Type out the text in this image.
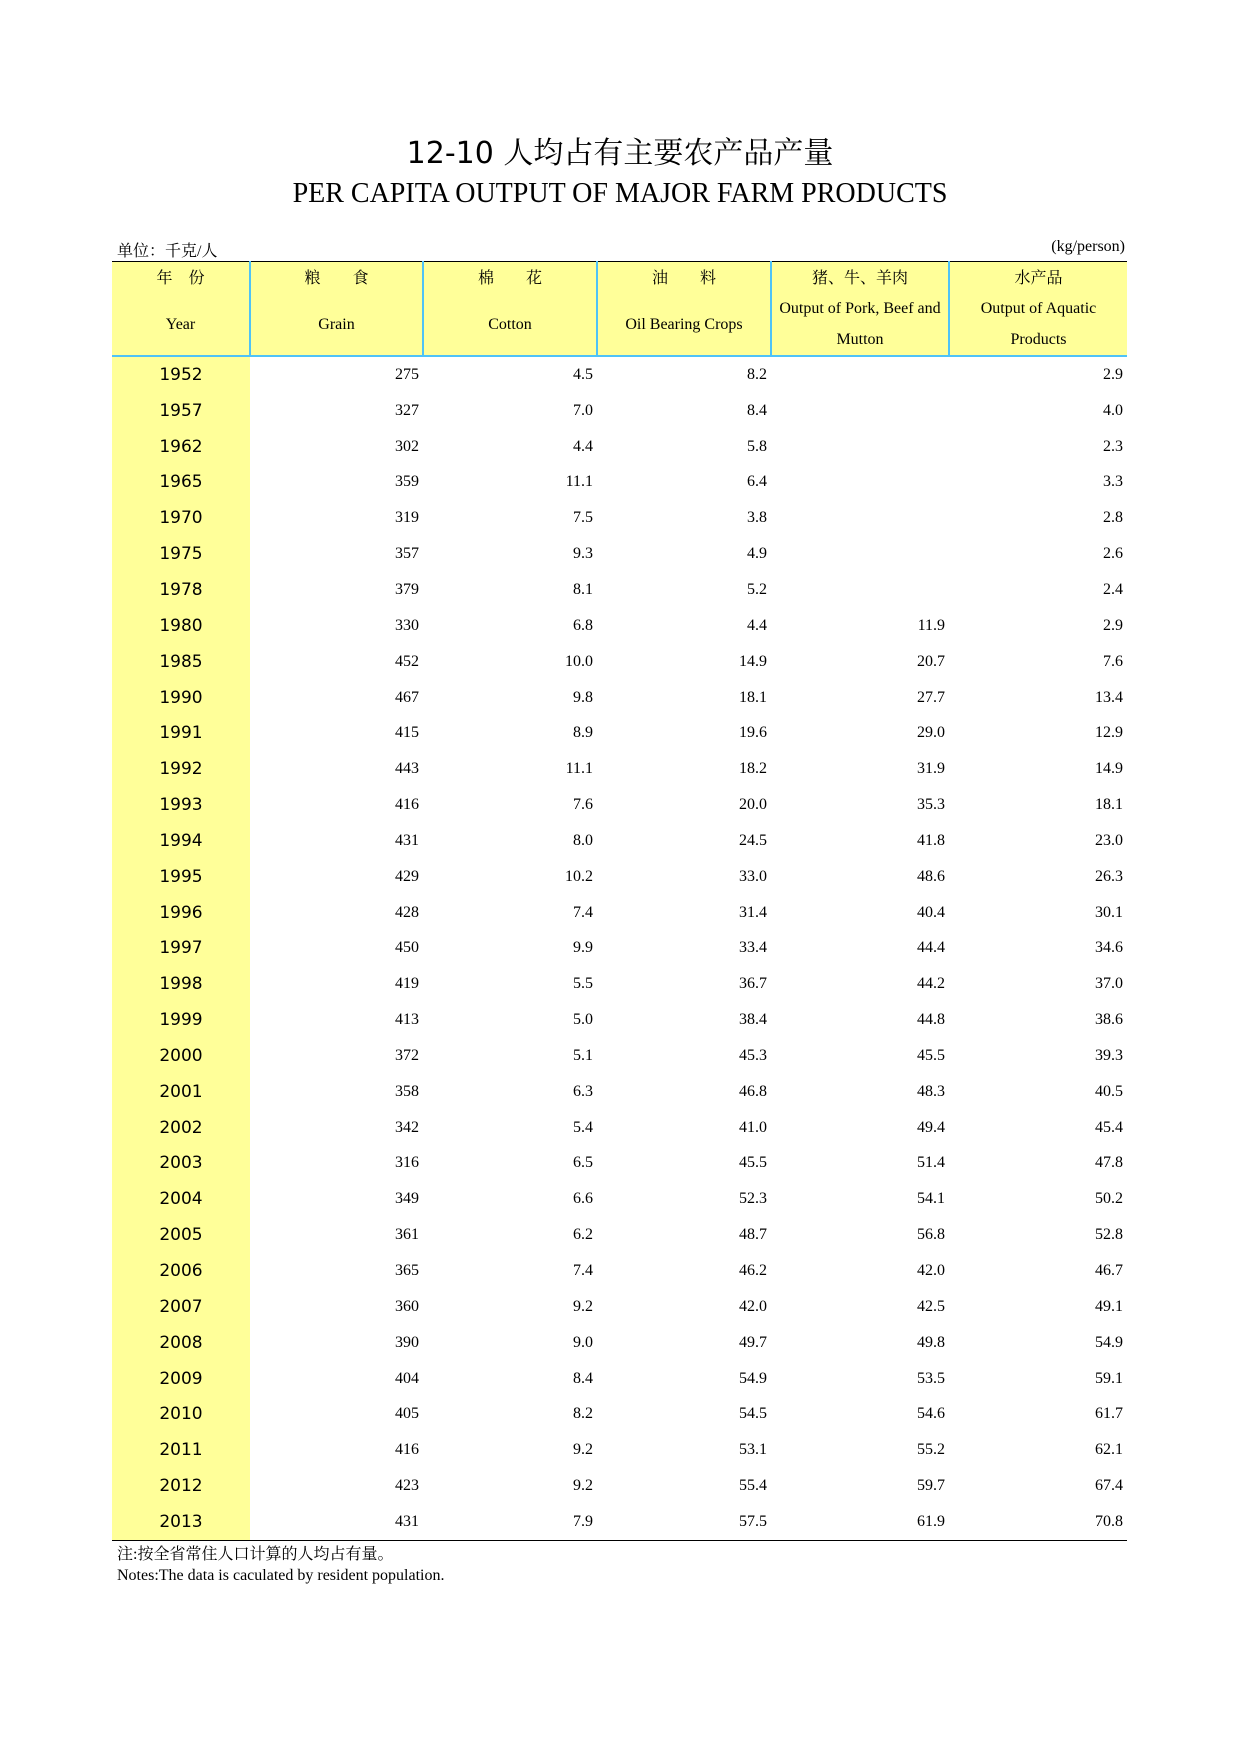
12-10 人均占有主要农产品产量
PER CAPITA OUTPUT OF MAJOR FARM PRODUCTS
单位：千克/人	(kg/person)
年　份	粮　　食	棉　　花	油　　料	猪、牛、羊肉	水产品
Year	Grain	Cotton	Oil Bearing Crops	Output of Pork, Beef and Mutton	Output of Aquatic Products
1952	275	4.5	8.2		2.9
1957	327	7.0	8.4		4.0
1962	302	4.4	5.8		2.3
1965	359	11.1	6.4		3.3
1970	319	7.5	3.8		2.8
1975	357	9.3	4.9		2.6
1978	379	8.1	5.2		2.4
1980	330	6.8	4.4	11.9	2.9
1985	452	10.0	14.9	20.7	7.6
1990	467	9.8	18.1	27.7	13.4
1991	415	8.9	19.6	29.0	12.9
1992	443	11.1	18.2	31.9	14.9
1993	416	7.6	20.0	35.3	18.1
1994	431	8.0	24.5	41.8	23.0
1995	429	10.2	33.0	48.6	26.3
1996	428	7.4	31.4	40.4	30.1
1997	450	9.9	33.4	44.4	34.6
1998	419	5.5	36.7	44.2	37.0
1999	413	5.0	38.4	44.8	38.6
2000	372	5.1	45.3	45.5	39.3
2001	358	6.3	46.8	48.3	40.5
2002	342	5.4	41.0	49.4	45.4
2003	316	6.5	45.5	51.4	47.8
2004	349	6.6	52.3	54.1	50.2
2005	361	6.2	48.7	56.8	52.8
2006	365	7.4	46.2	42.0	46.7
2007	360	9.2	42.0	42.5	49.1
2008	390	9.0	49.7	49.8	54.9
2009	404	8.4	54.9	53.5	59.1
2010	405	8.2	54.5	54.6	61.7
2011	416	9.2	53.1	55.2	62.1
2012	423	9.2	55.4	59.7	67.4
2013	431	7.9	57.5	61.9	70.8
注:按全省常住人口计算的人均占有量。
Notes:The data is caculated by resident population.
